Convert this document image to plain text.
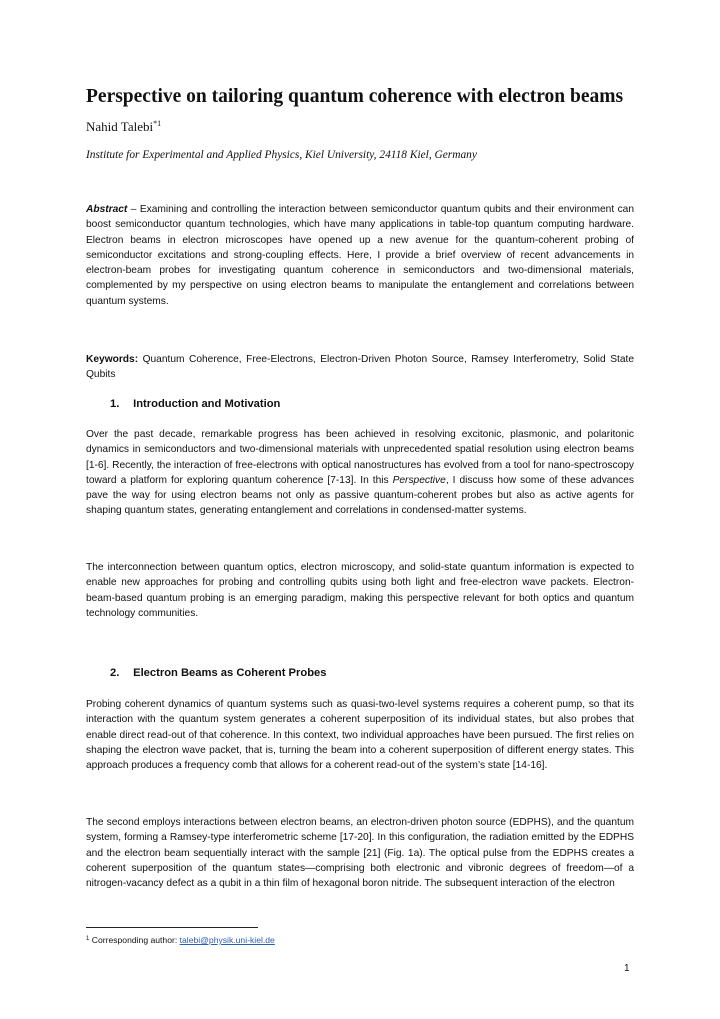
Perspective on tailoring quantum coherence with electron beams
Nahid Talebi$^{*1}$
Institute for Experimental and Applied Physics, Kiel University, 24118 Kiel, Germany

Abstract – Examining and controlling the interaction between semiconductor quantum qubits and their environment can boost semiconductor quantum technologies, which have many applications in table-top quantum computing hardware. Electron beams in electron microscopes have opened up a new avenue for the quantum-coherent probing of semiconductor excitations and strong-coupling effects. Here, I provide a brief overview of recent advancements in electron-beam probes for investigating quantum coherence in semiconductors and two-dimensional materials, complemented by my perspective on using electron beams to manipulate the entanglement and correlations between quantum systems.

Keywords: Quantum Coherence, Free-Electrons, Electron-Driven Photon Source, Ramsey Interferometry, Solid State Qubits

1. Introduction and Motivation

Over the past decade, remarkable progress has been achieved in resolving excitonic, plasmonic, and polaritonic dynamics in semiconductors and two-dimensional materials with unprecedented spatial resolution using electron beams [1-6]. Recently, the interaction of free-electrons with optical nanostructures has evolved from a tool for nano-spectroscopy toward a platform for exploring quantum coherence [7-13]. In this Perspective, I discuss how some of these advances pave the way for using electron beams not only as passive quantum-coherent probes but also as active agents for shaping quantum states, generating entanglement and correlations in condensed-matter systems.

The interconnection between quantum optics, electron microscopy, and solid-state quantum information is expected to enable new approaches for probing and controlling qubits using both light and free-electron wave packets. Electron-beam-based quantum probing is an emerging paradigm, making this perspective relevant for both optics and quantum technology communities.

2. Electron Beams as Coherent Probes

Probing coherent dynamics of quantum systems such as quasi-two-level systems requires a coherent pump, so that its interaction with the quantum system generates a coherent superposition of its individual states, but also probes that enable direct read-out of that coherence. In this context, two individual approaches have been pursued. The first relies on shaping the electron wave packet, that is, turning the beam into a coherent superposition of different energy states. This approach produces a frequency comb that allows for a coherent read-out of the system’s state [14-16].

The second employs interactions between electron beams, an electron-driven photon source (EDPHS), and the quantum system, forming a Ramsey-type interferometric scheme [17-20]. In this configuration, the radiation emitted by the EDPHS and the electron beam sequentially interact with the sample [21] (Fig. 1a). The optical pulse from the EDPHS creates a coherent superposition of the quantum states—comprising both electronic and vibronic degrees of freedom—of a nitrogen-vacancy defect as a qubit in a thin film of hexagonal boron nitride. The subsequent interaction of the electron

$^1$ Corresponding author: talebi@physik.uni-kiel.de
1
